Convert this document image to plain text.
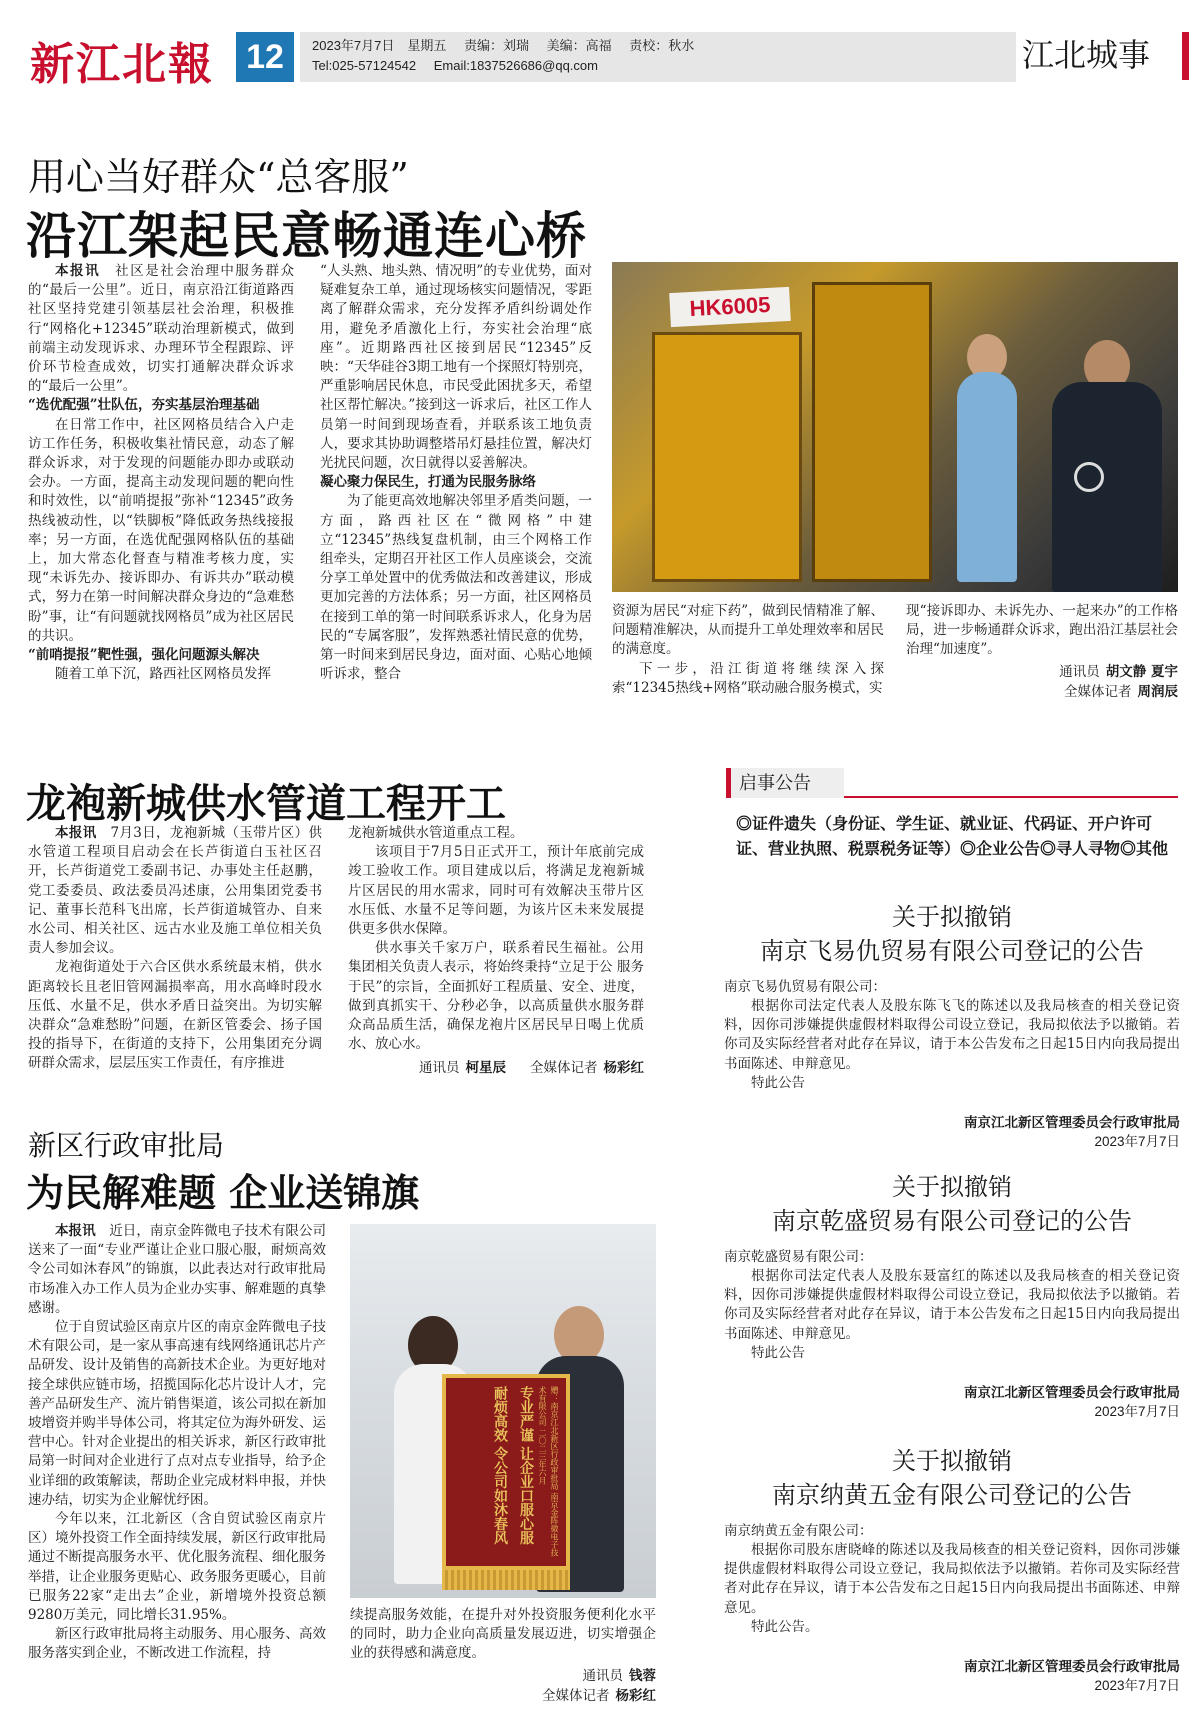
新江北報 12	2023年7月7日　星期五 责编：刘瑞 美编：高福 责校：秋水
Tel:025-57124542 Email:1837526686@qq.com	江北城事
用心当好群众“总客服”
沿江架起民意畅通连心桥

本报讯　 社区是社会治理中服务群众的“最后一公里”。近日，南京沿江街道路西社区坚持党建引领基层社会治理，积极推行“网格化+12345”联动治理新模式，做到前端主动发现诉求、办理环节全程跟踪、评价环节检查成效，切实打通解决群众诉求的“最后一公里”。

“选优配强”壮队伍，夯实基层治理基础

在日常工作中，社区网格员结合入户走访工作任务，积极收集社情民意，动态了解群众诉求，对于发现的问题能办即办或联动会办。一方面，提高主动发现问题的靶向性和时效性，以“前哨提报”弥补“12345”政务热线被动性，以“铁脚板”降低政务热线接报率；另一方面，在选优配强网格队伍的基础上，加大常态化督查与精准考核力度，实现“未诉先办、接诉即办、有诉共办”联动模式，努力在第一时间解决群众身边的“急难愁盼”事，让“有问题就找网格员”成为社区居民的共识。

“前哨提报”靶性强，强化问题源头解决

随着工单下沉，路西社区网格员发挥

“人头熟、地头熟、情况明”的专业优势，面对疑难复杂工单，通过现场核实问题情况，零距离了解群众需求，充分发挥矛盾纠纷调处作用，避免矛盾激化上行，夯实社会治理“底座”。近期路西社区接到居民“12345”反映：“天华硅谷3期工地有一个探照灯特别亮，严重影响居民休息，市民受此困扰多天，希望社区帮忙解决。”接到这一诉求后，社区工作人员第一时间到现场查看，并联系该工地负责人，要求其协助调整塔吊灯悬挂位置，解决灯光扰民问题，次日就得以妥善解决。

凝心聚力保民生，打通为民服务脉络

为了能更高效地解决邻里矛盾类问题，一方面，路西社区在“微网格”中建立“12345”热线复盘机制，由三个网格工作组牵头，定期召开社区工作人员座谈会，交流分享工单处置中的优秀做法和改善建议，形成更加完善的方法体系；另一方面，社区网格员在接到工单的第一时间联系诉求人，化身为居民的“专属客服”，发挥熟悉社情民意的优势，第一时间来到居民身边，面对面、心贴心地倾听诉求，整合

HK6005

资源为居民“对症下药”，做到民情精准了解、问题精准解决，从而提升工单处理效率和居民的满意度。

下一步，沿江街道将继续深入探索“12345热线+网格”联动融合服务模式，实

现“接诉即办、未诉先办、一起来办”的工作格局，进一步畅通群众诉求，跑出沿江基层社会治理“加速度”。

通讯员 胡文静 夏宇
全媒体记者 周润辰
龙袍新城供水管道工程开工

本报讯　 7月3日，龙袍新城（玉带片区）供水管道工程项目启动会在长芦街道白玉社区召开，长芦街道党工委副书记、办事处主任赵鹏，党工委委员、政法委员冯述康，公用集团党委书记、董事长范科飞出席，长芦街道城管办、自来水公司、相关社区、远古水业及施工单位相关负责人参加会议。

龙袍街道处于六合区供水系统最末梢，供水距离较长且老旧管网漏损率高，用水高峰时段水压低、水量不足，供水矛盾日益突出。为切实解决群众“急难愁盼”问题，在新区管委会、扬子国投的指导下，在街道的支持下，公用集团充分调研群众需求，层层压实工作责任，有序推进

龙袍新城供水管道重点工程。

该项目于7月5日正式开工，预计年底前完成竣工验收工作。项目建成以后，将满足龙袍新城片区居民的用水需求，同时可有效解决玉带片区水压低、水量不足等问题，为该片区未来发展提供更多供水保障。

供水事关千家万户，联系着民生福祉。公用集团相关负责人表示，将始终秉持“立足于公 服务于民”的宗旨，全面抓好工程质量、安全、进度，做到真抓实干、分秒必争，以高质量供水服务群众高品质生活，确保龙袍片区居民早日喝上优质水、放心水。

通讯员 柯星辰 全媒体记者 杨彩红
启事公告
◎证件遗失（身份证、学生证、就业证、代码证、开户许可证、营业执照、税票税务证等）◎企业公告◎寻人寻物◎其他
关于拟撤销
南京飞易仇贸易有限公司登记的公告
南京飞易仇贸易有限公司：
根据你司法定代表人及股东陈飞飞的陈述以及我局核查的相关登记资料，因你司涉嫌提供虚假材料取得公司设立登记，我局拟依法予以撤销。若你司及实际经营者对此存在异议，请于本公告发布之日起15日内向我局提出书面陈述、申辩意见。
特此公告
南京江北新区管理委员会行政审批局
2023年7月7日
关于拟撤销
南京乾盛贸易有限公司登记的公告
南京乾盛贸易有限公司：
根据你司法定代表人及股东聂富红的陈述以及我局核查的相关登记资料，因你司涉嫌提供虚假材料取得公司设立登记，我局拟依法予以撤销。若你司及实际经营者对此存在异议，请于本公告发布之日起15日内向我局提出书面陈述、申辩意见。
特此公告
南京江北新区管理委员会行政审批局
2023年7月7日
关于拟撤销
南京纳黄五金有限公司登记的公告
南京纳黄五金有限公司：
根据你司股东唐晓峰的陈述以及我局核查的相关登记资料，因你司涉嫌提供虚假材料取得公司设立登记，我局拟依法予以撤销。若你司及实际经营者对此存在异议，请于本公告发布之日起15日内向我局提出书面陈述、申辩意见。
特此公告。
南京江北新区管理委员会行政审批局
2023年7月7日
新区行政审批局
为民解难题 企业送锦旗

本报讯　 近日，南京金阵微电子技术有限公司送来了一面“专业严谨让企业口服心服，耐烦高效令公司如沐春风”的锦旗，以此表达对行政审批局市场准入办工作人员为企业办实事、解难题的真挚感谢。

位于自贸试验区南京片区的南京金阵微电子技术有限公司，是一家从事高速有线网络通讯芯片产品研发、设计及销售的高新技术企业。为更好地对接全球供应链市场，招揽国际化芯片设计人才，完善产品研发生产、流片销售渠道，该公司拟在新加坡增资并购半导体公司，将其定位为海外研发、运营中心。针对企业提出的相关诉求，新区行政审批局第一时间对企业进行了点对点专业指导，给予企业详细的政策解读，帮助企业完成材料申报，并快速办结，切实为企业解忧纾困。

今年以来，江北新区（含自贸试验区南京片区）境外投资工作全面持续发展，新区行政审批局通过不断提高服务水平、优化服务流程、细化服务举措，让企业服务更贴心、政务服务更暖心，目前已服务22家“走出去”企业，新增境外投资总额9280万美元，同比增长31.95%。

新区行政审批局将主动服务、用心服务、高效服务落实到企业，不断改进工作流程，持

赠：南京江北新区行政审批局 南京金阵微电子技术有限公司 二〇二三年六月
专业严谨 让企业口服心服
耐烦高效 令公司如沐春风

续提高服务效能，在提升对外投资服务便利化水平的同时，助力企业向高质量发展迈进，切实增强企业的获得感和满意度。

通讯员 钱蓉
全媒体记者 杨彩红
